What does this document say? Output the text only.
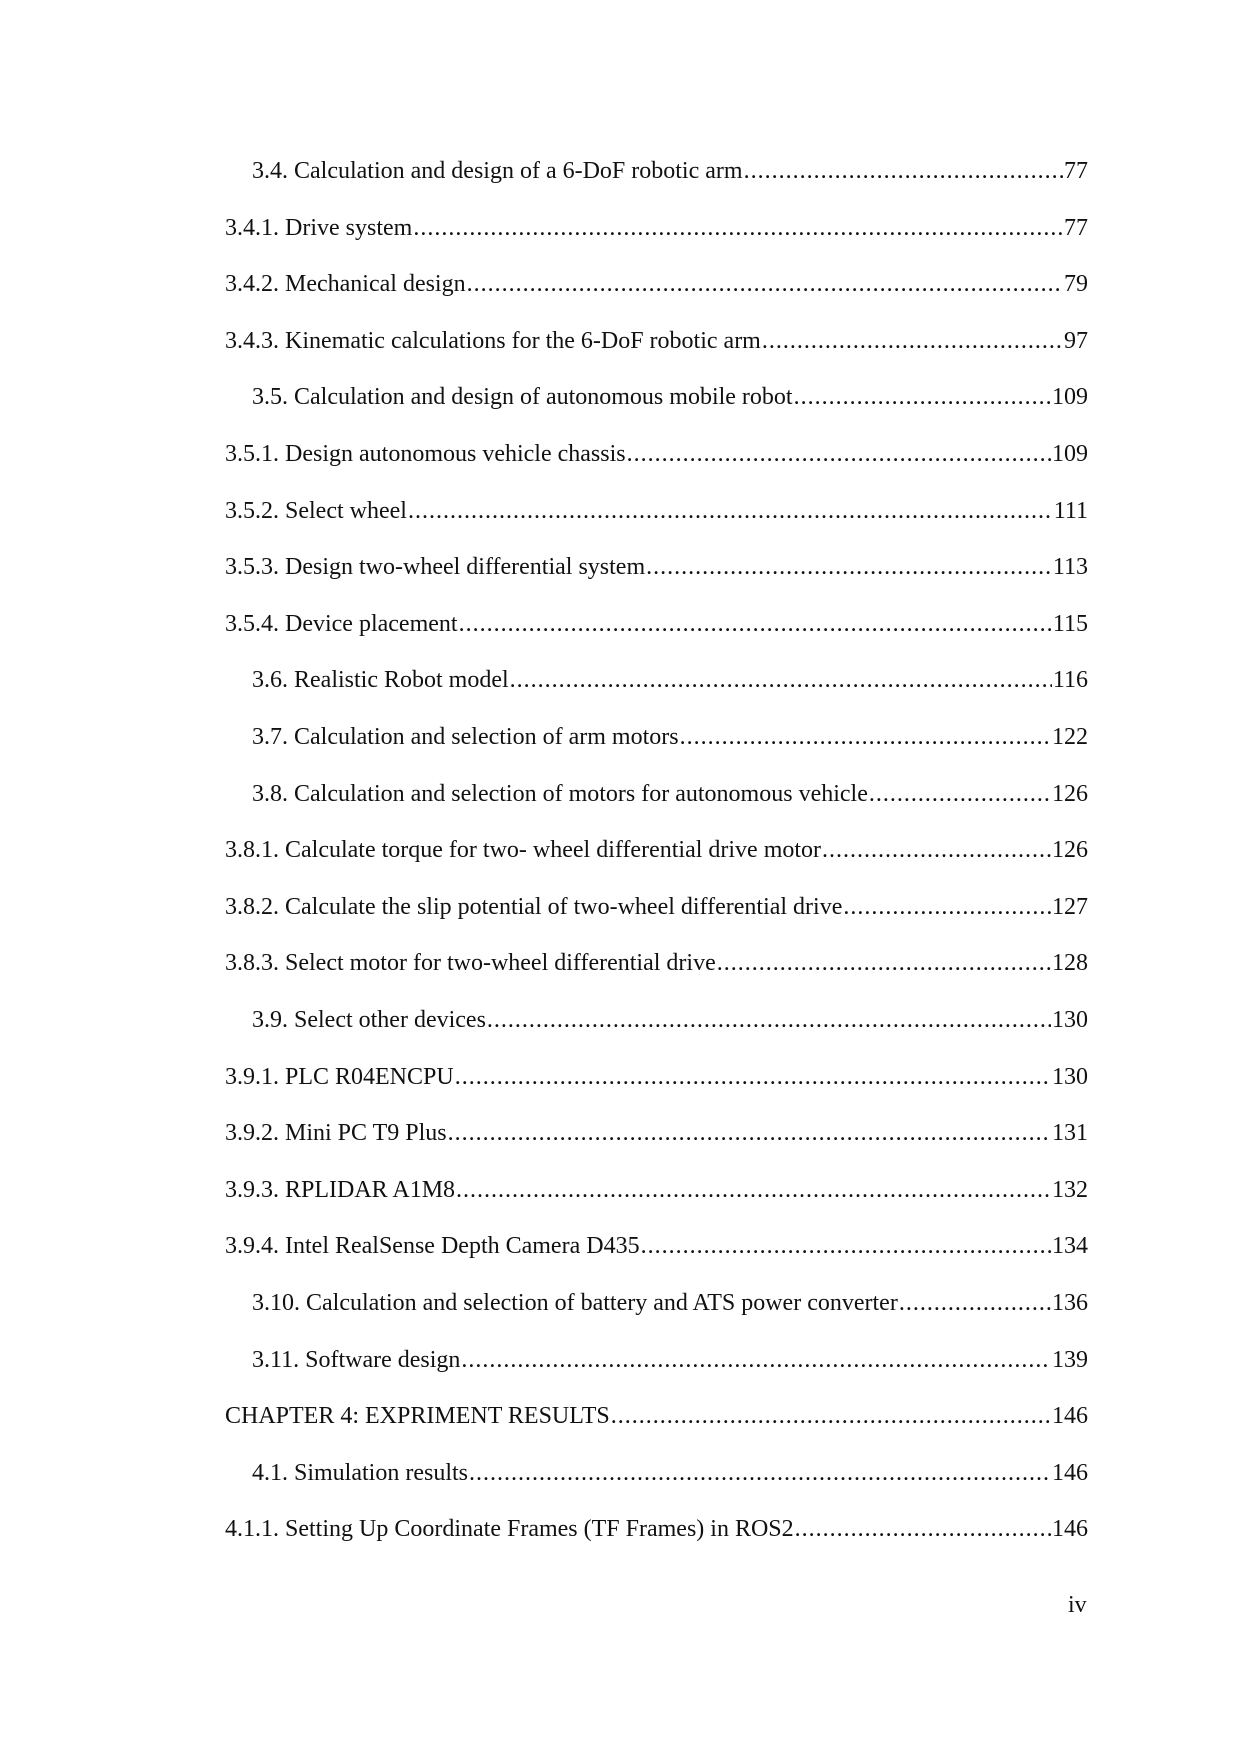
3.4. Calculation and design of a 6-DoF robotic arm .....	77
3.4.1. Drive system .....	77
3.4.2. Mechanical design .....	79
3.4.3. Kinematic calculations for the 6-DoF robotic arm .....	97
3.5. Calculation and design of autonomous mobile robot .....	109
3.5.1. Design autonomous vehicle chassis .....	109
3.5.2. Select wheel .....	111
3.5.3. Design two-wheel differential system .....	113
3.5.4. Device placement .....	115
3.6. Realistic Robot model .....	116
3.7. Calculation and selection of arm motors .....	122
3.8. Calculation and selection of motors for autonomous vehicle .....	126
3.8.1. Calculate torque for two- wheel differential drive motor .....	126
3.8.2. Calculate the slip potential of two-wheel differential drive .....	127
3.8.3. Select motor for two-wheel differential drive .....	128
3.9. Select other devices .....	130
3.9.1. PLC R04ENCPU .....	130
3.9.2. Mini PC T9 Plus .....	131
3.9.3. RPLIDAR A1M8 .....	132
3.9.4. Intel RealSense Depth Camera D435 .....	134
3.10. Calculation and selection of battery and ATS power converter .....	136
3.11. Software design .....	139
CHAPTER 4: EXPRIMENT RESULTS .....	146
4.1. Simulation results .....	146
4.1.1. Setting Up Coordinate Frames (TF Frames) in ROS2 .....	146
iv
